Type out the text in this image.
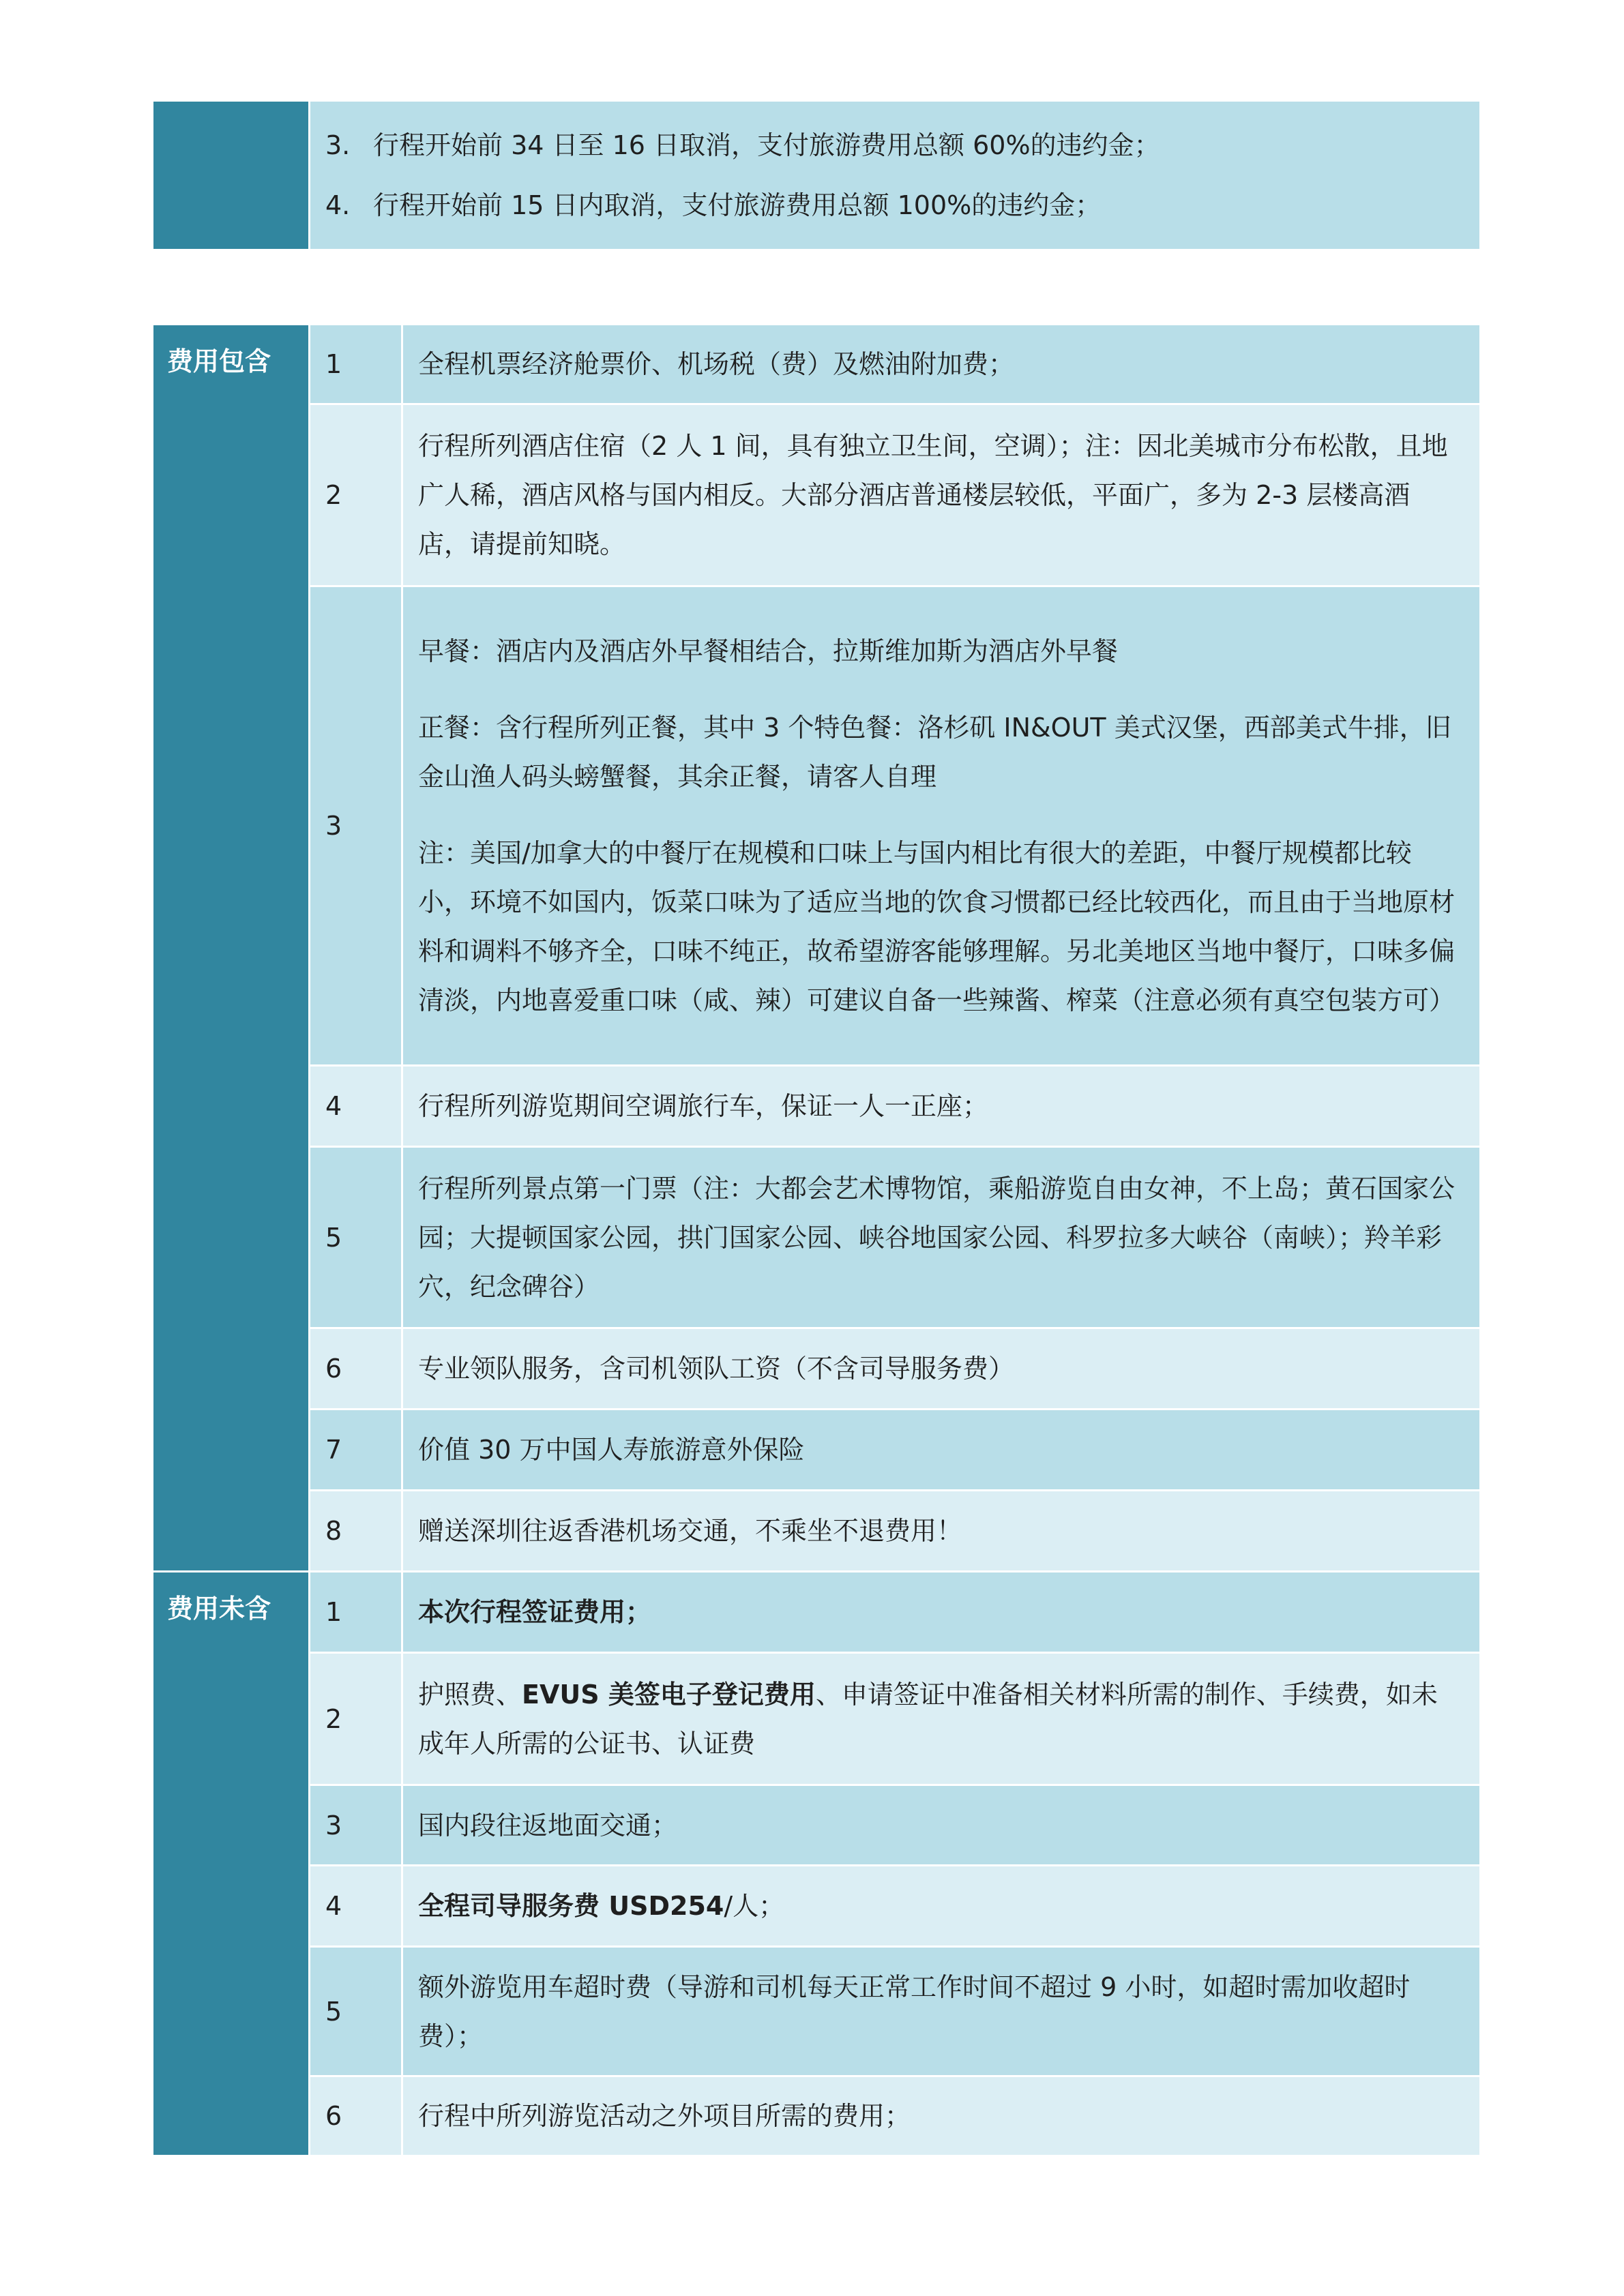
3. 行程开始前 34 日至 16 日取消，支付旅游费用总额 60%的违约金；
4. 行程开始前 15 日内取消，支付旅游费用总额 100%的违约金；
费用包含	1	全程机票经济舱票价、机场税（费）及燃油附加费；
	2	行程所列酒店住宿（2 人 1 间，具有独立卫生间，空调）；注：因北美城市分布松散，且地广人稀，酒店风格与国内相反。大部分酒店普通楼层较低，平面广，多为 2-3 层楼高酒店，请提前知晓。
	3	早餐：酒店内及酒店外早餐相结合，拉斯维加斯为酒店外早餐

正餐：含行程所列正餐，其中 3 个特色餐：洛杉矶 IN&OUT 美式汉堡，西部美式牛排，旧金山渔人码头螃蟹餐，其余正餐，请客人自理

注：美国/加拿大的中餐厅在规模和口味上与国内相比有很大的差距，中餐厅规模都比较小，环境不如国内，饭菜口味为了适应当地的饮食习惯都已经比较西化，而且由于当地原材料和调料不够齐全，口味不纯正，故希望游客能够理解。另北美地区当地中餐厅，口味多偏清淡，内地喜爱重口味（咸、辣）可建议自备一些辣酱、榨菜（注意必须有真空包装方可）

	4	行程所列游览期间空调旅行车，保证一人一正座；
	5	行程所列景点第一门票（注：大都会艺术博物馆，乘船游览自由女神，不上岛；黄石国家公园；大提顿国家公园，拱门国家公园、峡谷地国家公园、科罗拉多大峡谷（南峡）；羚羊彩穴，纪念碑谷）
	6	专业领队服务，含司机领队工资（不含司导服务费）
	7	价值 30 万中国人寿旅游意外保险
	8	赠送深圳往返香港机场交通，不乘坐不退费用！
费用未含	1	本次行程签证费用；
	2	护照费、EVUS 美签电子登记费用、申请签证中准备相关材料所需的制作、手续费，如未成年人所需的公证书、认证费
	3	国内段往返地面交通；
	4	全程司导服务费 USD254/人；
	5	额外游览用车超时费（导游和司机每天正常工作时间不超过 9 小时，如超时需加收超时费）；
	6	行程中所列游览活动之外项目所需的费用；
